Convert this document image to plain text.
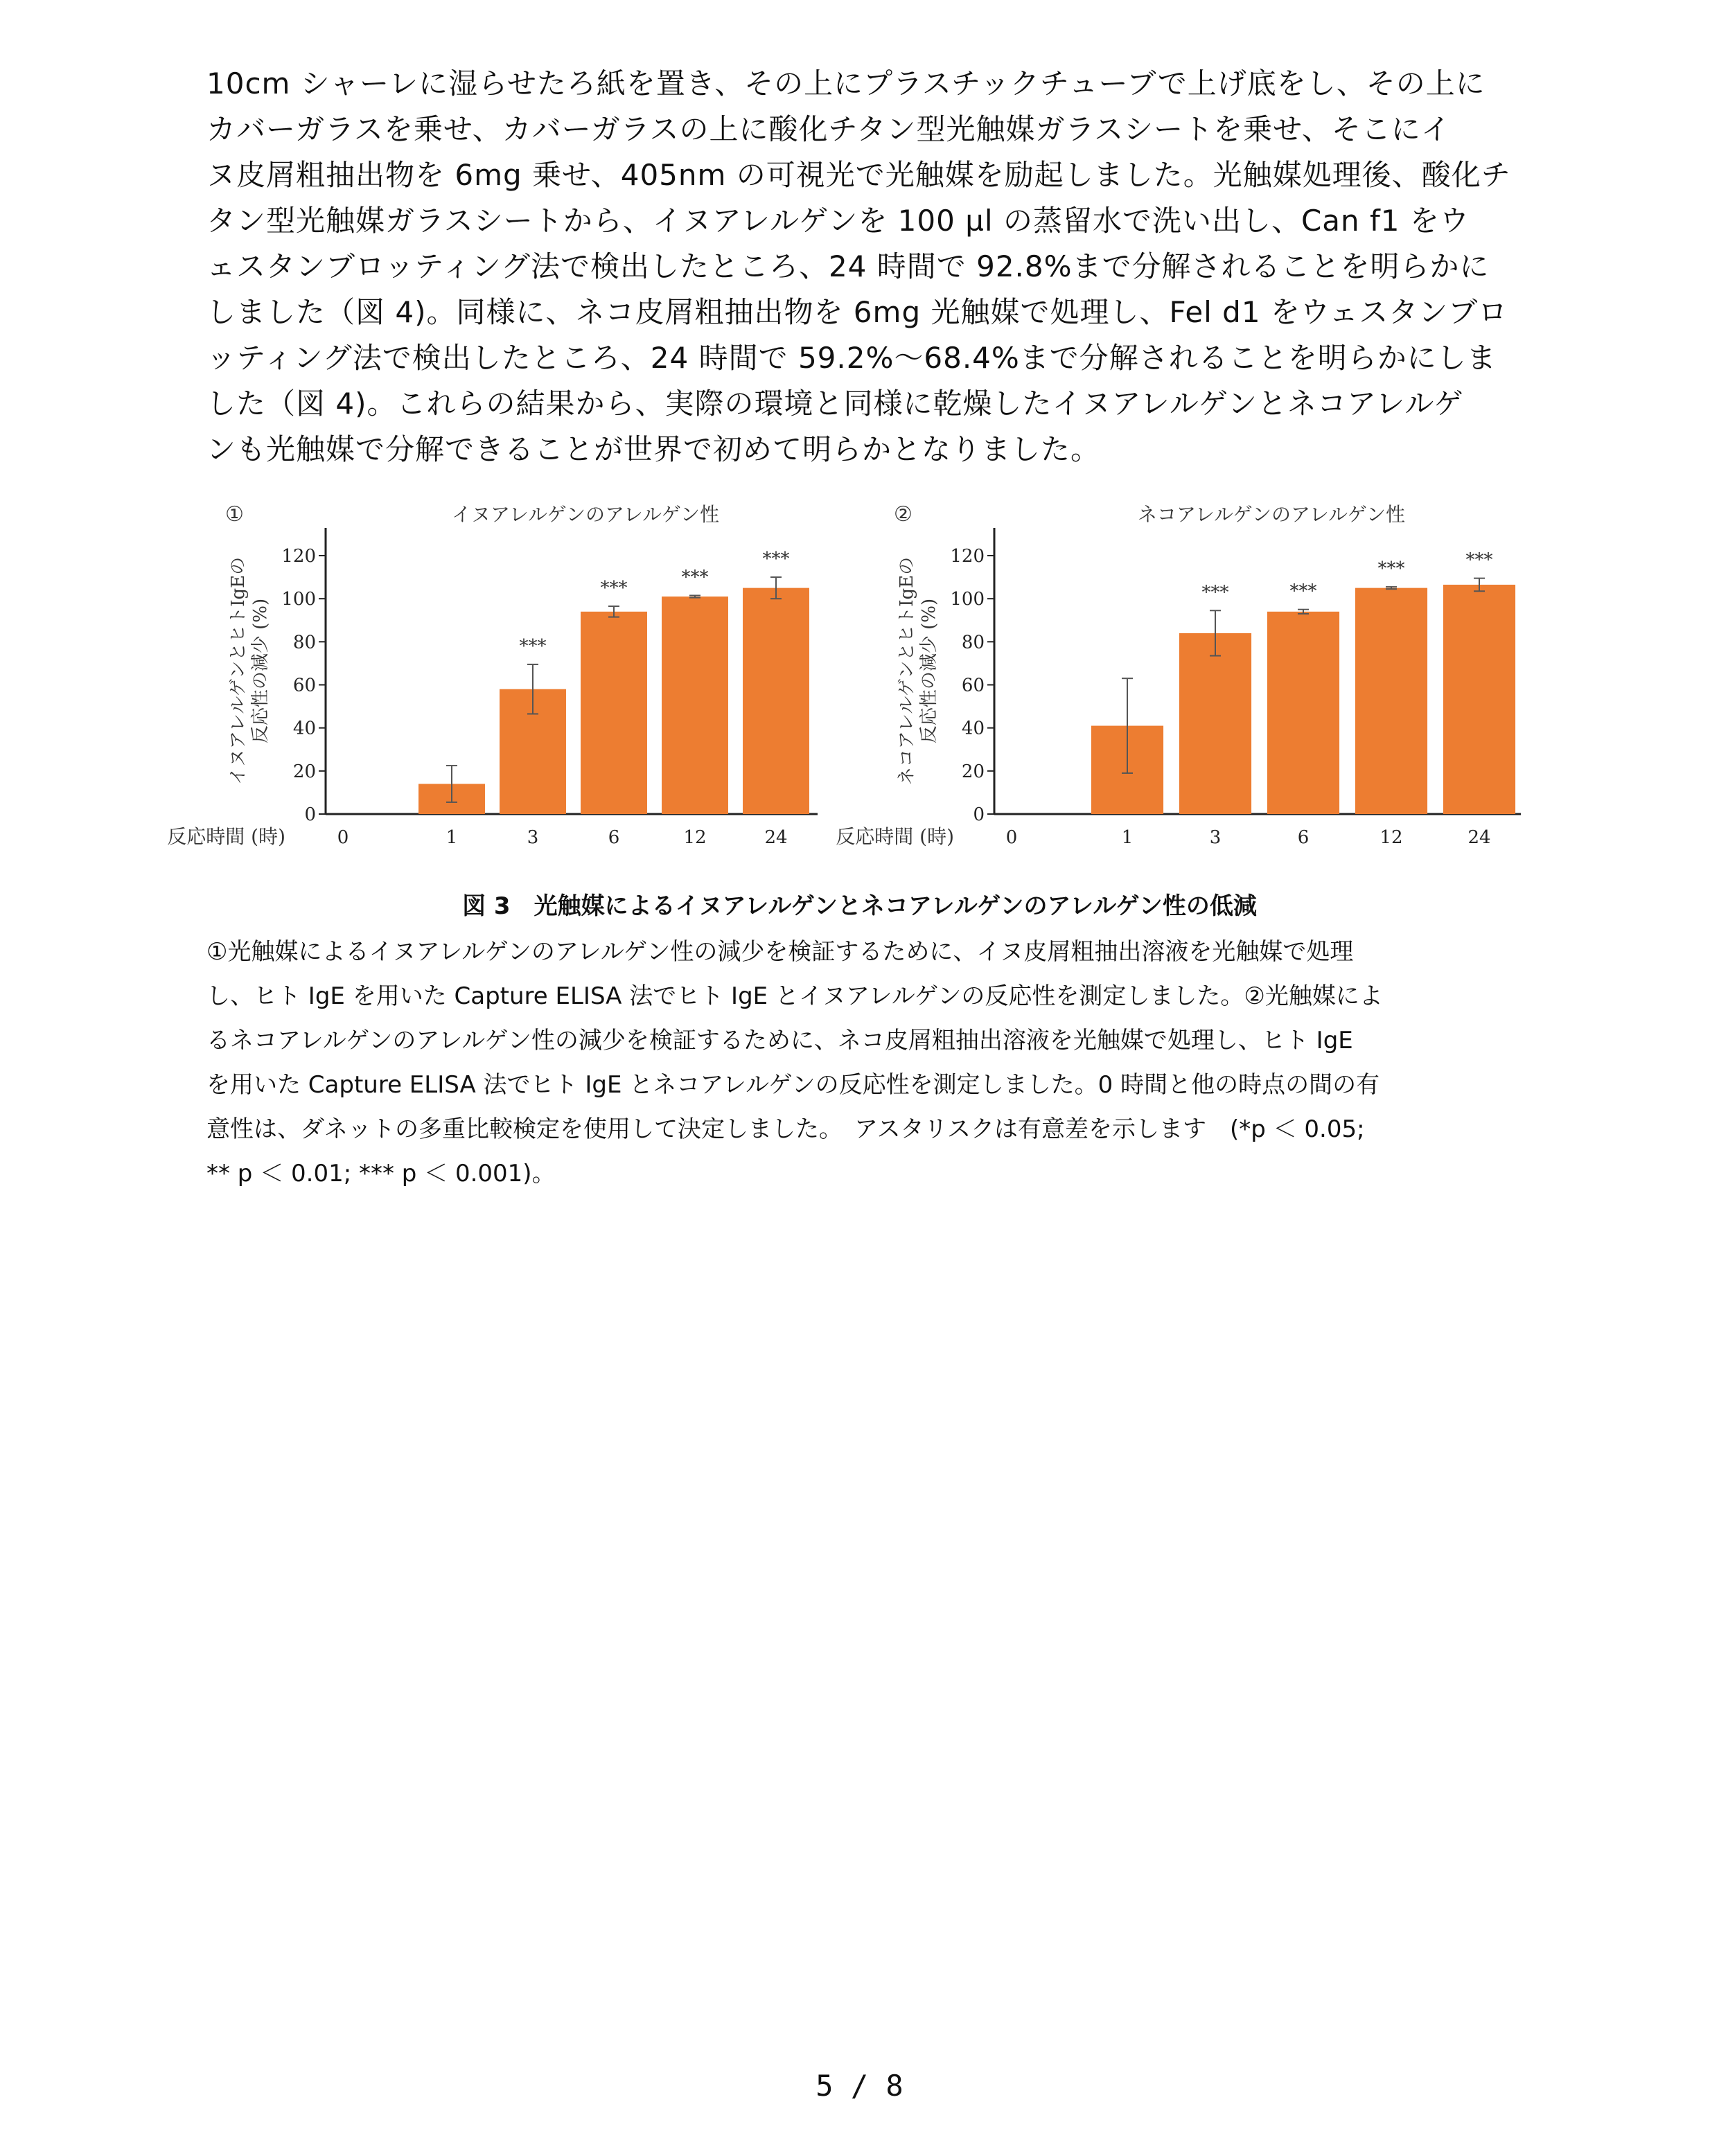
10cm シャーレに湿らせたろ紙を置き、その上にプラスチックチューブで上げ底をし、その上に
カバーガラスを乗せ、カバーガラスの上に酸化チタン型光触媒ガラスシートを乗せ、そこにイ
ヌ皮屑粗抽出物を 6mg 乗せ、405nm の可視光で光触媒を励起しました。光触媒処理後、酸化チ
タン型光触媒ガラスシートから、イヌアレルゲンを 100 µl の蒸留水で洗い出し、Can f1 をウ
ェスタンブロッティング法で検出したところ、24 時間で 92.8%まで分解されることを明らかに
しました（図 4)。同様に、ネコ皮屑粗抽出物を 6mg 光触媒で処理し、Fel d1 をウェスタンブロ
ッティング法で検出したところ、24 時間で 59.2%～68.4%まで分解されることを明らかにしま
した（図 4)。これらの結果から、実際の環境と同様に乾燥したイヌアレルゲンとネコアレルゲ
ンも光触媒で分解できることが世界で初めて明らかとなりました。
①	イヌアレルゲンのアレルゲン性
イヌアレルゲンとヒトIgEの 反応性の減少 (%)
0
20
40
60
80
100
120
反応時間 (時)	0	1
***
3
***
6
***
12
***
24
②	ネコアレルゲンのアレルゲン性
ネコアレルゲンとヒトIgEの 反応性の減少 (%)
0
20
40
60
80
100
120
反応時間 (時)	0	1
***
3
***
6
***
12
***
24
図 3　光触媒によるイヌアレルゲンとネコアレルゲンのアレルゲン性の低減
①光触媒によるイヌアレルゲンのアレルゲン性の減少を検証するために、イヌ皮屑粗抽出溶液を光触媒で処理
し、ヒト IgE を用いた Capture ELISA 法でヒト IgE とイヌアレルゲンの反応性を測定しました。②光触媒によ
るネコアレルゲンのアレルゲン性の減少を検証するために、ネコ皮屑粗抽出溶液を光触媒で処理し、ヒト IgE
を用いた Capture ELISA 法でヒト IgE とネコアレルゲンの反応性を測定しました。0 時間と他の時点の間の有
意性は、ダネットの多重比較検定を使用して決定しました。　アスタリスクは有意差を示します　(*p ＜ 0.05;
** p ＜ 0.01; *** p ＜ 0.001)。
5 / 8
